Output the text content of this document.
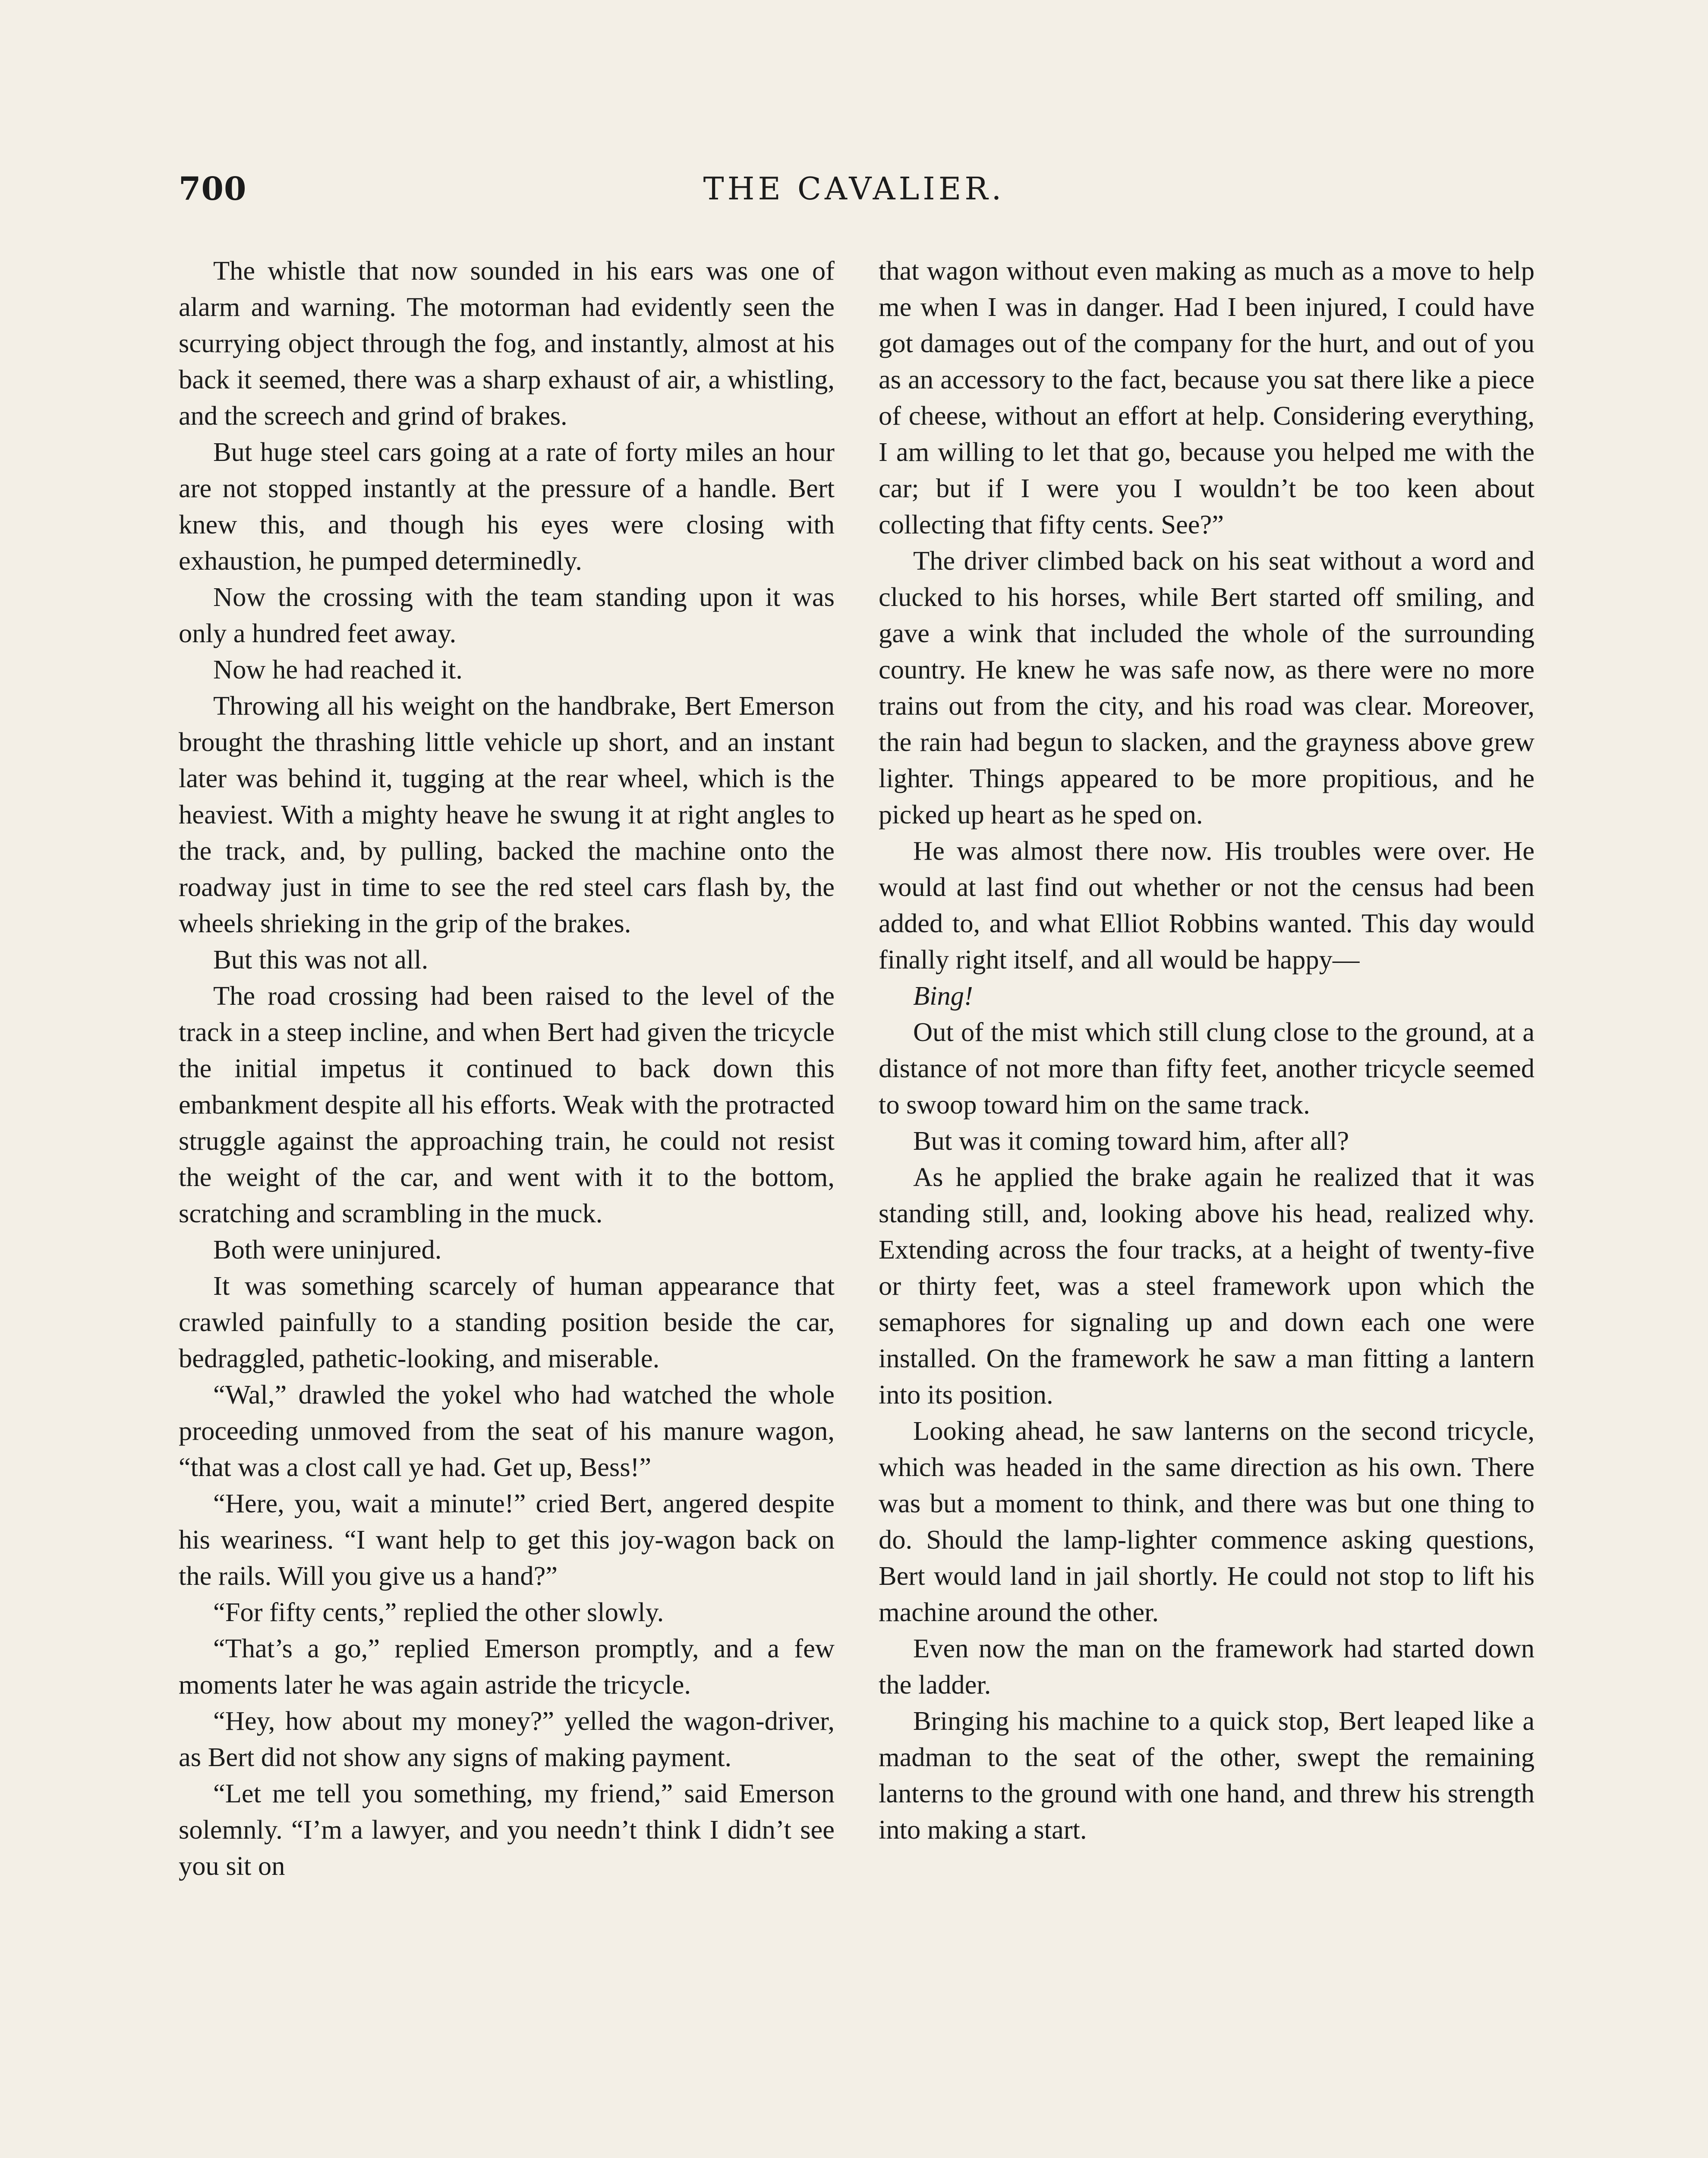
700	THE CAVALIER.

The whistle that now sounded in his ears was one of alarm and warning. The motorman had evidently seen the scurrying object through the fog, and instantly, almost at his back it seemed, there was a sharp exhaust of air, a whistling, and the screech and grind of brakes.

But huge steel cars going at a rate of forty miles an hour are not stopped instantly at the pressure of a handle. Bert knew this, and though his eyes were closing with exhaustion, he pumped determinedly.

Now the crossing with the team standing upon it was only a hundred feet away.

Now he had reached it.

Throwing all his weight on the handbrake, Bert Emerson brought the thrashing little vehicle up short, and an instant later was behind it, tugging at the rear wheel, which is the heaviest. With a mighty heave he swung it at right angles to the track, and, by pulling, backed the machine onto the roadway just in time to see the red steel cars flash by, the wheels shrieking in the grip of the brakes.

But this was not all.

The road crossing had been raised to the level of the track in a steep incline, and when Bert had given the tricycle the initial impetus it continued to back down this embankment despite all his efforts. Weak with the protracted struggle against the approaching train, he could not resist the weight of the car, and went with it to the bottom, scratching and scrambling in the muck.

Both were uninjured.

It was something scarcely of human appearance that crawled painfully to a standing position beside the car, bedraggled, pathetic-looking, and miserable.

“Wal,” drawled the yokel who had watched the whole proceeding unmoved from the seat of his manure wagon, “that was a clost call ye had. Get up, Bess!”

“Here, you, wait a minute!” cried Bert, angered despite his weariness. “I want help to get this joy-wagon back on the rails. Will you give us a hand?”

“For fifty cents,” replied the other slowly.

“That’s a go,” replied Emerson promptly, and a few moments later he was again astride the tricycle.

“Hey, how about my money?” yelled the wagon-driver, as Bert did not show any signs of making payment.

“Let me tell you something, my friend,” said Emerson solemnly. “I’m a lawyer, and you needn’t think I didn’t see you sit on

that wagon without even making as much as a move to help me when I was in danger. Had I been injured, I could have got damages out of the company for the hurt, and out of you as an accessory to the fact, because you sat there like a piece of cheese, without an effort at help. Considering everything, I am willing to let that go, because you helped me with the car; but if I were you I wouldn’t be too keen about collecting that fifty cents. See?”

The driver climbed back on his seat without a word and clucked to his horses, while Bert started off smiling, and gave a wink that included the whole of the surrounding country. He knew he was safe now, as there were no more trains out from the city, and his road was clear. Moreover, the rain had begun to slacken, and the grayness above grew lighter. Things appeared to be more propitious, and he picked up heart as he sped on.

He was almost there now. His troubles were over. He would at last find out whether or not the census had been added to, and what Elliot Robbins wanted. This day would finally right itself, and all would be happy—

Bing!

Out of the mist which still clung close to the ground, at a distance of not more than fifty feet, another tricycle seemed to swoop toward him on the same track.

But was it coming toward him, after all?

As he applied the brake again he realized that it was standing still, and, looking above his head, realized why. Extending across the four tracks, at a height of twenty-five or thirty feet, was a steel framework upon which the semaphores for signaling up and down each one were installed. On the framework he saw a man fitting a lantern into its position.

Looking ahead, he saw lanterns on the second tricycle, which was headed in the same direction as his own. There was but a moment to think, and there was but one thing to do. Should the lamp-lighter commence asking questions, Bert would land in jail shortly. He could not stop to lift his machine around the other.

Even now the man on the framework had started down the ladder.

Bringing his machine to a quick stop, Bert leaped like a madman to the seat of the other, swept the remaining lanterns to the ground with one hand, and threw his strength into making a start.
